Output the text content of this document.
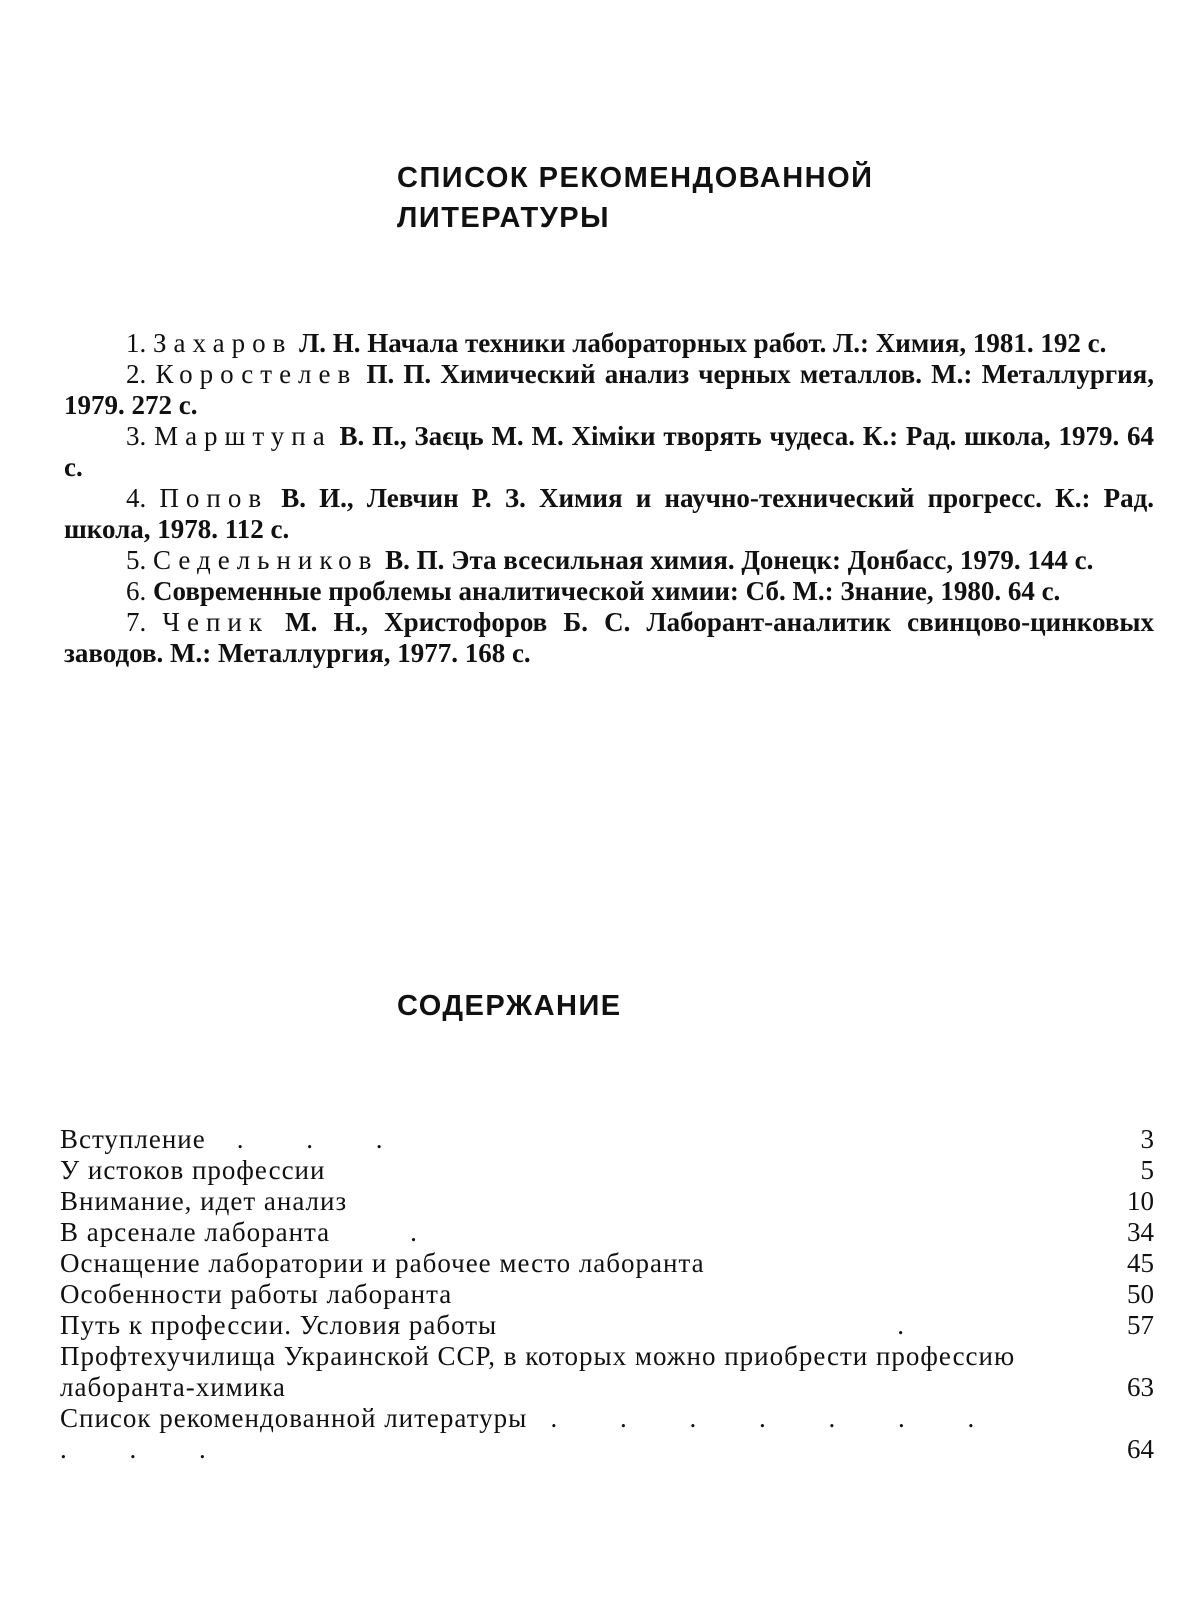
СПИСОК РЕКОМЕНДОВАННОЙ
ЛИТЕРАТУРЫ
1. Захаров Л. Н. Начала техники лабораторных работ. Л.: Химия, 1981. 192 с.
2. Коростелев П. П. Химический анализ черных металлов. М.: Металлургия, 1979. 272 с.
3. Марштупа В. П., Заєць М. М. Хіміки творять чудеса. К.: Рад. школа, 1979. 64 с.
4. Попов В. И., Левчин Р. З. Химия и научно-технический прогресс. К.: Рад. школа, 1978. 112 с.
5. Седельников В. П. Эта всесильная химия. Донецк: Донбасс, 1979. 144 с.
6. Современные проблемы аналитической химии: Сб. М.: Знание, 1980. 64 с.
7. Чепик М. Н., Христофоров Б. С. Лаборант-аналитик свинцово-цинковых заводов. М.: Металлургия, 1977. 168 с.
СОДЕРЖАНИЕ
Вступление . . .	3
У истоков профессии	5
Внимание, идет анализ	10
В арсенале лаборанта	.	34
Оснащение лаборатории и рабочее место лаборанта	45
Особенности работы лаборанта	50
Путь к профессии. Условия работы	.	57
Профтехучилища Украинской ССР, в которых можно приобрести профессию лаборанта-химика	63
Список рекомендованной литературы . . . . . . . . . .	64
